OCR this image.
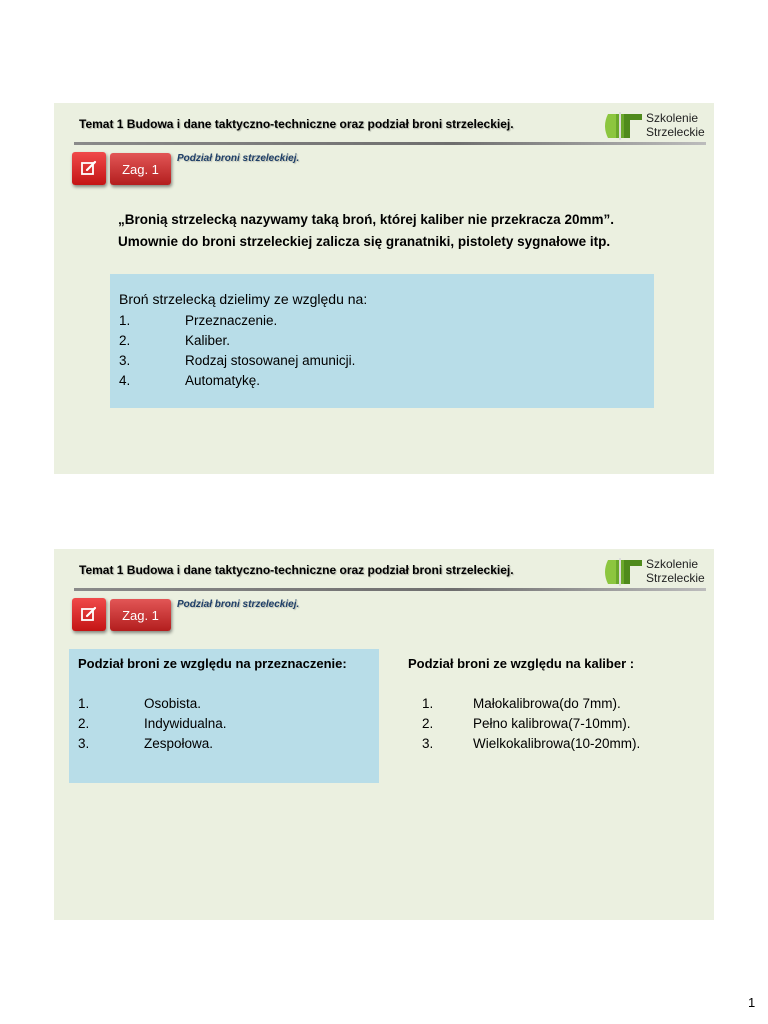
Temat 1 Budowa i dane taktyczno-techniczne oraz podział broni strzeleckiej.	Szkolenie
Strzeleckie
Zag. 1
Podział broni strzeleckiej.
„Bronią strzelecką nazywamy taką broń, której kaliber nie przekracza 20mm”.
Umownie do broni strzeleckiej zalicza się granatniki, pistolety sygnałowe itp.
Broń strzelecką dzielimy ze względu na:
1.	Przeznaczenie.
2.	Kaliber.
3.	Rodzaj stosowanej amunicji.
4.	Automatykę.
Temat 1 Budowa i dane taktyczno-techniczne oraz podział broni strzeleckiej.	Szkolenie
Strzeleckie
Zag. 1
Podział broni strzeleckiej.
Podział broni ze względu na przeznaczenie:
1.	Osobista.
2.	Indywidualna.
3.	Zespołowa.
Podział broni ze względu na kaliber :
1.	Małokalibrowa(do 7mm).
2.	Pełno kalibrowa(7-10mm).
3.	Wielkokalibrowa(10-20mm).
1
